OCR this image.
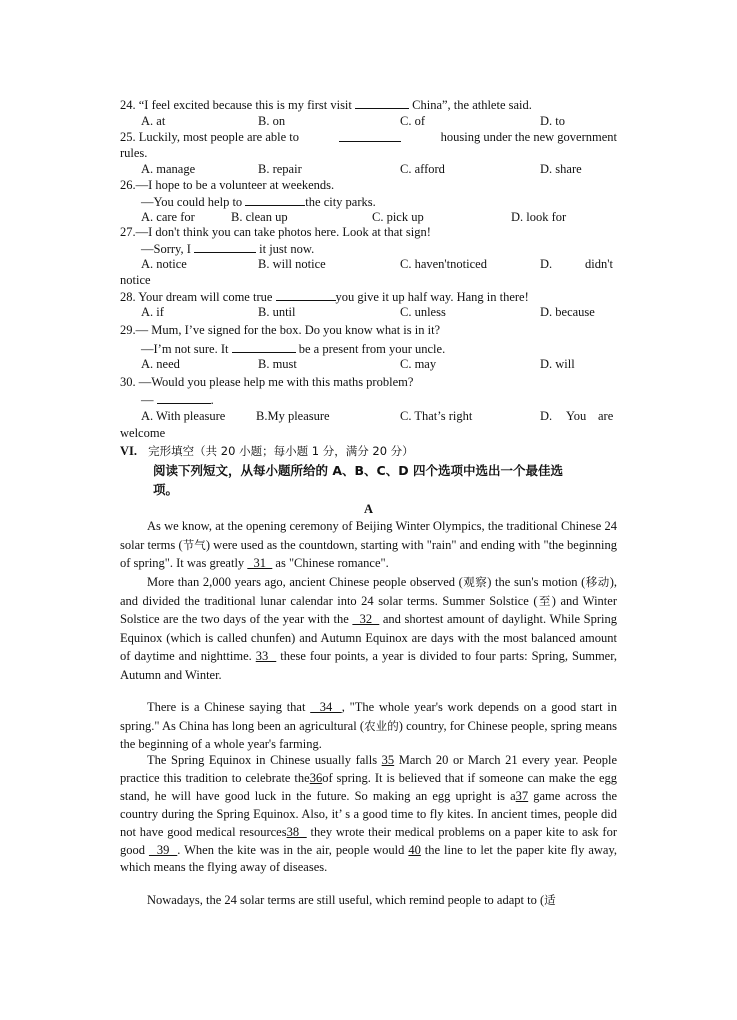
24. “I feel excited because this is my first visit	China”, the athlete said.
A. at	B. on	C. of	D. to
25. Luckily, most people are able to	housing under the new government
rules.
A. manage	B. repair	C. afford	D. share
26.—I hope to be a volunteer at weekends.
—You could help to	the city parks.
A. care for	B. clean up	C. pick up	D. look for
27.—I don't think you can take photos here. Look at that sign!
—Sorry, I	it just now.
A. notice	B. will notice	C. haven'tnoticed	D.	didn't
notice
28. Your dream will come true	you give it up half way. Hang in there!
A. if	B. until	C. unless	D. because
29.— Mum, I’ve signed for the box. Do you know what is in it?
—I’m not sure. It	be a present from your uncle.
A. need	B. must	C. may	D. will
30. —Would you please help me with this maths problem?
—	.
A. With pleasure B.My pleasure	C. That’s right	D. You are
welcome
VI. 完形填空（共 20 小题；每小题 1 分，满分 20 分）
阅读下列短文，从每小题所给的 A、B、C、D 四个选项中选出一个最佳选
项。
A
As we know, at the opening ceremony of Beijing Winter Olympics, the traditional Chinese 24 solar terms (节气) were used as the countdown, starting with "rain" and ending with "the beginning of spring". It was greatly   31   as "Chinese romance".
More than 2,000 years ago, ancient Chinese people observed (观察) the sun's motion (移动), and divided the traditional lunar calendar into 24 solar terms. Summer Solstice (至) and Winter Solstice are the two days of the year with the   32   and shortest amount of daylight. While Spring Equinox (which is called chunfen) and Autumn Equinox are days with the most balanced amount of daytime and nighttime. 33   these four points, a year is divided to four parts: Spring, Summer, Autumn and Winter.
There is a Chinese saying that   34  , "The whole year's work depends on a good start in spring." As China has long been an agricultural (农业的) country, for Chinese people, spring means the beginning of a whole year's farming.
The Spring Equinox in Chinese usually falls 35 March 20 or March 21 every year. People practice this tradition to celebrate the36of spring. It is believed that if someone can make the egg stand, he will have good luck in the future. So making an egg upright is a37 game across the country during the Spring Equinox. Also, it’ s a good time to fly kites. In ancient times, people did not have good medical resources38   they wrote their medical problems on a paper kite to ask for good   39  . When the kite was in the air, people would 40 the line to let the paper kite fly away, which means the flying away of diseases.
Nowadays, the 24 solar terms are still useful, which remind people to adapt to (适
